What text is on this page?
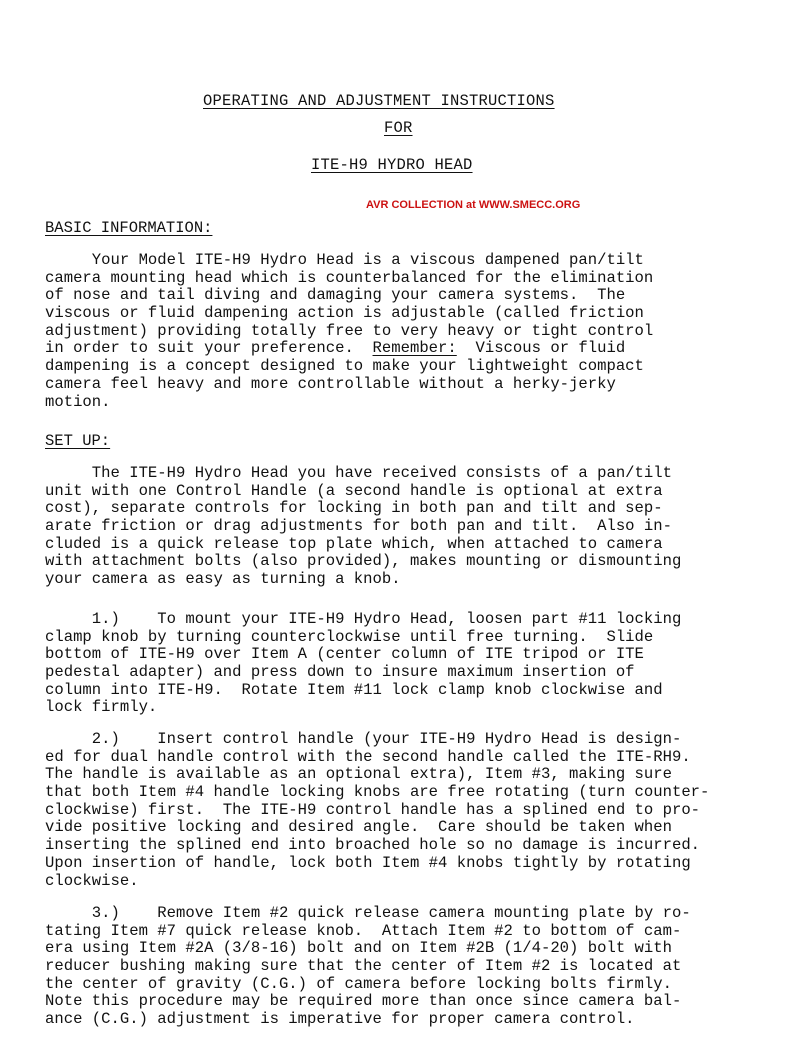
OPERATING AND ADJUSTMENT INSTRUCTIONS
FOR
ITE-H9 HYDRO HEAD
AVR COLLECTION at WWW.SMECC.ORG
BASIC INFORMATION:
Your Model ITE-H9 Hydro Head is a viscous dampened pan/tilt
camera mounting head which is counterbalanced for the elimination
of nose and tail diving and damaging your camera systems.  The
viscous or fluid dampening action is adjustable (called friction
adjustment) providing totally free to very heavy or tight control
in order to suit your preference.  Remember:  Viscous or fluid
dampening is a concept designed to make your lightweight compact
camera feel heavy and more controllable without a herky-jerky
motion.
SET UP:
The ITE-H9 Hydro Head you have received consists of a pan/tilt
unit with one Control Handle (a second handle is optional at extra
cost), separate controls for locking in both pan and tilt and sep-
arate friction or drag adjustments for both pan and tilt.  Also in-
cluded is a quick release top plate which, when attached to camera
with attachment bolts (also provided), makes mounting or dismounting
your camera as easy as turning a knob.
1.)    To mount your ITE-H9 Hydro Head, loosen part #11 locking
clamp knob by turning counterclockwise until free turning.  Slide
bottom of ITE-H9 over Item A (center column of ITE tripod or ITE
pedestal adapter) and press down to insure maximum insertion of
column into ITE-H9.  Rotate Item #11 lock clamp knob clockwise and
lock firmly.
2.)    Insert control handle (your ITE-H9 Hydro Head is design-
ed for dual handle control with the second handle called the ITE-RH9.
The handle is available as an optional extra), Item #3, making sure
that both Item #4 handle locking knobs are free rotating (turn counter-
clockwise) first.  The ITE-H9 control handle has a splined end to pro-
vide positive locking and desired angle.  Care should be taken when
inserting the splined end into broached hole so no damage is incurred.
Upon insertion of handle, lock both Item #4 knobs tightly by rotating
clockwise.
3.)    Remove Item #2 quick release camera mounting plate by ro-
tating Item #7 quick release knob.  Attach Item #2 to bottom of cam-
era using Item #2A (3/8-16) bolt and on Item #2B (1/4-20) bolt with
reducer bushing making sure that the center of Item #2 is located at
the center of gravity (C.G.) of camera before locking bolts firmly.
Note this procedure may be required more than once since camera bal-
ance (C.G.) adjustment is imperative for proper camera control.
